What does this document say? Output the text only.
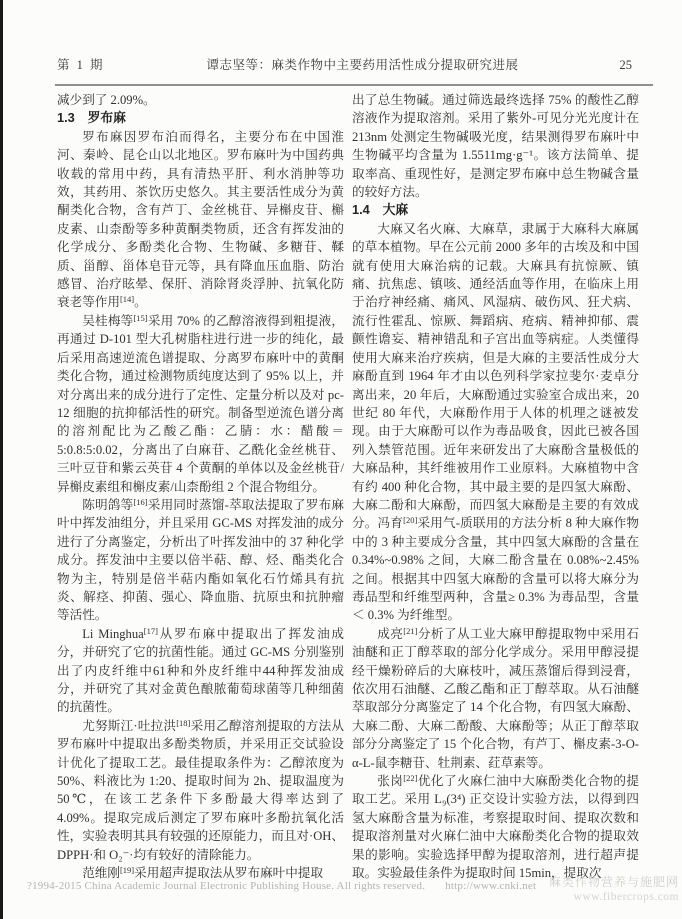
第 1 期	谭志坚等：麻类作物中主要药用活性成分提取研究进展	25

减少到了 2.09%。

1.3　罗布麻

罗布麻因罗布泊而得名，主要分布在中国淮河、秦岭、昆仑山以北地区。罗布麻叶为中国药典收载的常用中药，具有清热平肝、利水消肿等功效，其药用、茶饮历史悠久。其主要活性成分为黄酮类化合物，含有芦丁、金丝桃苷、异槲皮苷、槲皮素、山柰酚等多种黄酮类物质，还含有挥发油的化学成分、多酚类化合物、生物碱、多糖苷、鞣质、甾醇、甾体皂苷元等，具有降血压血脂、防治感冒、治疗眩晕、保肝、消除肾炎浮肿、抗氧化防衰老等作用[14]。

吴桂梅等[15]采用 70% 的乙醇溶液得到粗提液，再通过 D-101 型大孔树脂柱进行进一步的纯化，最后采用高速逆流色谱提取、分离罗布麻叶中的黄酮类化合物，通过检测物质纯度达到了 95% 以上，并对分离出来的成分进行了定性、定量分析以及对 pc-12 细胞的抗抑郁活性的研究。制备型逆流色谱分离的溶剂配比为乙酸乙酯：乙腈：水：醋酸＝5:0.8:5:0.02，分离出了白麻苷、乙酰化金丝桃苷、三叶豆苷和紫云英苷 4 个黄酮的单体以及金丝桃苷/异槲皮素组和槲皮素/山柰酚组 2 个混合物组分。

陈明鸽等[16]采用同时蒸馏-萃取法提取了罗布麻叶中挥发油组分，并且采用 GC-MS 对挥发油的成分进行了分离鉴定，分析出了叶挥发油中的 37 种化学成分。挥发油中主要以倍半萜、醇、烃、酯类化合物为主，特别是倍半萜内酯如氧化石竹烯具有抗炎、解痉、抑菌、强心、降血脂、抗原虫和抗肿瘤等活性。

Li Minghua[17]从罗布麻中提取出了挥发油成分，并研究了它的抗菌性能。通过 GC-MS 分别鉴别出了内皮纤维中61种和外皮纤维中44种挥发油成分，并研究了其对金黄色酿脓葡萄球菌等几种细菌的抗菌性。

尤努斯江·吐拉洪[18]采用乙醇溶剂提取的方法从罗布麻叶中提取出多酚类物质，并采用正交试验设计优化了提取工艺。最佳提取条件为：乙醇浓度为 50%、料液比为 1:20、提取时间为 2h、提取温度为 50℃，在该工艺条件下多酚最大得率达到了 4.09%。提取完成后测定了罗布麻叶多酚抗氧化活性，实验表明其具有较强的还原能力，而且对·OH、DPPH·和 O₂⁻·均有较好的清除能力。

范维刚[19]采用超声提取法从罗布麻叶中提取

出了总生物碱。通过筛选最终选择 75% 的酸性乙醇溶液作为提取溶剂。采用了紫外-可见分光光度计在 213nm 处测定生物碱吸光度，结果测得罗布麻叶中生物碱平均含量为 1.5511mg·g⁻¹。该方法简单、提取率高、重现性好，是测定罗布麻中总生物碱含量的较好方法。

1.4　大麻

大麻又名火麻、大麻草，隶属于大麻科大麻属的草本植物。早在公元前 2000 多年的古埃及和中国就有使用大麻治病的记载。大麻具有抗惊厥、镇痛、抗焦虑、镇咳、通经活血等作用，在临床上用于治疗神经痛、痛风、风湿病、破伤风、狂犬病、流行性霍乱、惊厥、舞蹈病、疮病、精神抑郁、震颤性谵妄、精神错乱和子宫出血等病症。人类懂得使用大麻来治疗疾病，但是大麻的主要活性成分大麻酚直到 1964 年才由以色列科学家拉斐尔·麦卓分离出来，20 年后，大麻酚通过实验室合成出来，20 世纪 80 年代，大麻酚作用于人体的机理之谜被发现。由于大麻酚可以作为毒品吸食，因此已被各国列入禁管范围。近年来研发出了大麻酚含量极低的大麻品种，其纤维被用作工业原料。大麻植物中含有约 400 种化合物，其中最主要的是四氢大麻酚、大麻二酚和大麻酚，而四氢大麻酚是主要的有效成分。冯育[20]采用气-质联用的方法分析 8 种大麻作物中的 3 种主要成分含量，其中四氢大麻酚的含量在 0.34%~0.98% 之间，大麻二酚含量在 0.08%~2.45% 之间。根据其中四氢大麻酚的含量可以将大麻分为毒品型和纤维型两种，含量≥ 0.3% 为毒品型，含量＜ 0.3% 为纤维型。

成亮[21]分析了从工业大麻甲醇提取物中采用石油醚和正丁醇萃取的部分化学成分。采用甲醇浸提经干燥粉碎后的大麻枝叶，减压蒸馏后得到浸膏，依次用石油醚、乙酸乙酯和正丁醇萃取。从石油醚萃取部分分离鉴定了 14 个化合物，有四氢大麻酚、大麻二酚、大麻二酚酸、大麻酚等；从正丁醇萃取部分分离鉴定了 15 个化合物，有芦丁、槲皮素-3-O-α-L-鼠李糖苷、牡荆素、荭草素等。

张岗[22]优化了火麻仁油中大麻酚类化合物的提取工艺。采用 L₉(3⁴) 正交设计实验方法，以得到四氢大麻酚含量为标准，考察提取时间、提取次数和提取溶剂量对火麻仁油中大麻酚类化合物的提取效果的影响。实验选择甲醇为提取溶剂，进行超声提取。实验最佳条件为提取时间 15min，提取次

?1994-2015 China Academic Journal Electronic Publishing House. All rights reserved. http://www.cnki.net 麻类作物营养与施肥网
www.fibercrops.com
